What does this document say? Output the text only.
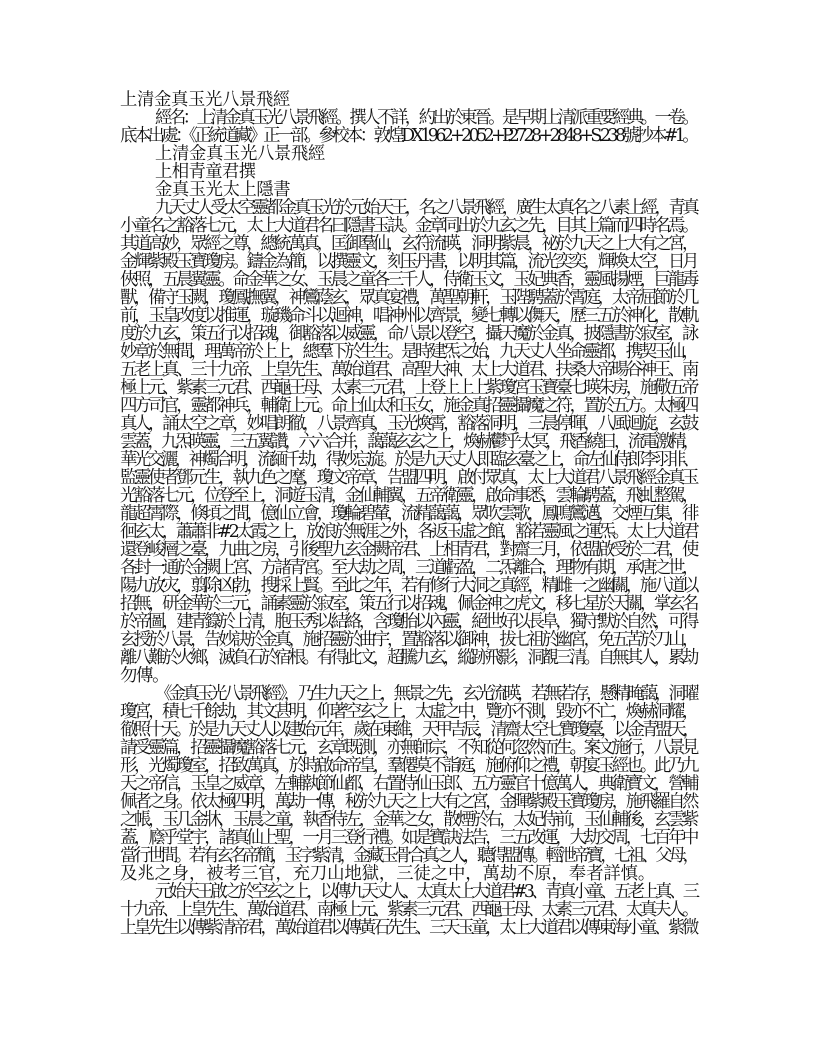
上清金真玉光八景飛經
經名：上清金真玉光八景飛經。撰人不詳，約出於東晉。是早期上清派重要經典。一卷。
底本出處：《正統道藏》正一部。參校本：敦煌DX1962+2052+P.2728+2848+S.238號抄本#1。
上清金真玉光八景飛經
上相青童君撰
金真玉光太上隱書
九天丈人受太空靈都金真玉光於元始天王，名之八景飛經，廣生太真名之八素上經，青真
小童名之豁落七元，太上大道君名曰隱書玉訣。金章同出於九玄之先，目其上篇而四時名焉。
其道高妙，眾經之尊，總統萬真，匡御羣仙，玄符流暎，洞明紫晨，祕於九天之上大有之宮，
金輝紫殿玉寶瓊房。鑄金為簡，以撰靈文，刻玉丹書，以明其篇，流光奕奕，輝煥太空，日月
俠照，五晨翼靈。命金華之女、玉晨之童各三千人，侍衛玉文，玉妃典香，靈風揚煙，巨龍毒
獸，備守玉闕，瓊鳳撫翼，神鸞蔭玄，眾真宴禮，萬聖朝軒，玉陛騁蓋於霄庭，太帝屈節於几
前，玉皇改度以推運，璇璣命斗以迴神，唱神州以齊景，變七轉以儛天，歷三五於神化，散軌
度於九玄，策五行以招魂，御豁落以威靈，命八景以登空，攝天魔於金真，披隱書於寂室，詠
妙章於無間，理萬帝於上上，總羣下於生生。是時建炁之始，九天丈人坐命靈都，携契玉仙，
五老上真、三十九帝、上皇先生、萬始道君、高聖大神、太上大道君、扶桑大帝暘谷神王、南
極上元、紫素三元君、西龜王母、太素三元君，上登上上上紫瓊宮玉寶臺七暎朱房，施儆五帝
四方司官，靈都神兵，輔衛上元。命上仙太和玉女，施金真招靈攝魔之符，置於五方。太極四
真人，誦太空之章，妙唱朗徹，八景齊真，玉光煥霄，豁落洞明，三晨停暉，八風迴旋，玄鼓
雲蓋，九炁暎靈，三五翼讚，六六合并，藹藹玄玄之上，煥赫鬱乎太冥，飛香繞日，流電激精，
華光交灑，神燭合明，流緬千劫，得妙忘旋。於是九天丈人即臨玄臺之上，命左仙侍郎李羽非、
監靈使者鄧元生，執九色之麾，瓊文帝章，告盟四明，啟付眾真，太上大道君八景飛經金真玉
光豁落七元，位登至上，洞遊玉清，金仙輔翼，五帝衛靈，啟命事悉，雲輪騁蓋，飛虬整駕，
龍超霄際，倏頃之間，億仙立會，瓊輪碧輦，流精藹藹，眾吹雲歌，鳳鳴鸞邁，交煙互集，徘
徊玄太，蕭蕭非#2太霞之上，放浪於無涯之外，各返玉虛之館，豁若靈風之運炁。太上大道君
還登峻層之臺，九曲之房，引後聖九玄金闕帝君、上相青君，對齋三月，依盟啟受於二君，使
各封一通於金闕上宮、方諸青宮。至大劫之周，三道虧盈，二炁離合，理物有期，承唐之世，
陽九放灾，翦除凶勃，搜採上賢。至此之年，若有修行大洞之真經，精雌一之幽關，施八道以
招無，研金華於三元，誦素靈於寂室，策五行以招魂，佩金神之虎文，移七星於天關，掌玄名
於帝圖，建青籙於上清，胞玉秀以結絡，含瓊胎以內靈，絕世好以長阜，獨守默於自然，可得
玄授於八景，告妙訣於金真，施招靈於曲宇，置豁落以御神，拔七祖於幽宮，免五苦於刀山，
離八難於火鄉，滅負石於宿根。有得此文，超騰九玄，縱跡飛影，洞覩三清。自無其人，累劫
勿傳。
《金真玉光八景飛經》，乃生九天之上，無景之先，玄光流暎，若無若存，懸精晻藹，洞曜
瓊宮，積七千餘劫，其文甚明，仰著空玄之上，太虛之中，覽亦不測，毀亦不亡，煥赫洞耀，
徹照十天。於是九天丈人以建始元年，歲在東維，天甲吉辰，清齋太空七寶瓊臺，以金青盟天，
請受靈篇，招靈攝魔豁落七元，玄章既測，亦無師宗，不知從何忽然而生。案文施行，八景見
形，光燭瓊室，招致萬真，於時啟命帝皇，羣僊莫不詣庭，施俯仰之禮，朝宴玉經也。此乃九
天之帝信，玉皇之威章，左輔執節仙都，右置侍仙玉郎、五方靈官十億萬人，典衛寶文，營輔
佩者之身。依太極四明，萬劫一傳，秘於九天之上大有之宮，金暉紫殿玉寶瓊房，施飛羅自然
之帳，玉几金牀，玉晨之童，執香侍左，金華之女，散煙於右，太妃侍前，玉仙輔後，玄雲紫
蓋，廕乎堂宇，諸真仙上聖，一月三登行禮。如是寶訣法告，三五改運，大劫交周，七百年中
當行世間。若有玄名帝簡，玉字紫清，金藏玉骨合真之人，聽得盟傳。輕泄帝寶，七祖、父母，
及兆之身，被考三官，充刀山地獄，三徒之中，萬劫不原，奉者詳慎。
元始天王啟之於空玄之上，以傳九天丈人、太真太上大道君#3、青真小童、五老上真、三
十九帝、上皇先生、萬始道君、南極上元、紫素三元君、西龜王母、太素三元君、太真夫人。
上皇先生以傳紫清帝君，萬始道君以傳黃石先生、三天玉童，太上大道君以傳東海小童、紫微
